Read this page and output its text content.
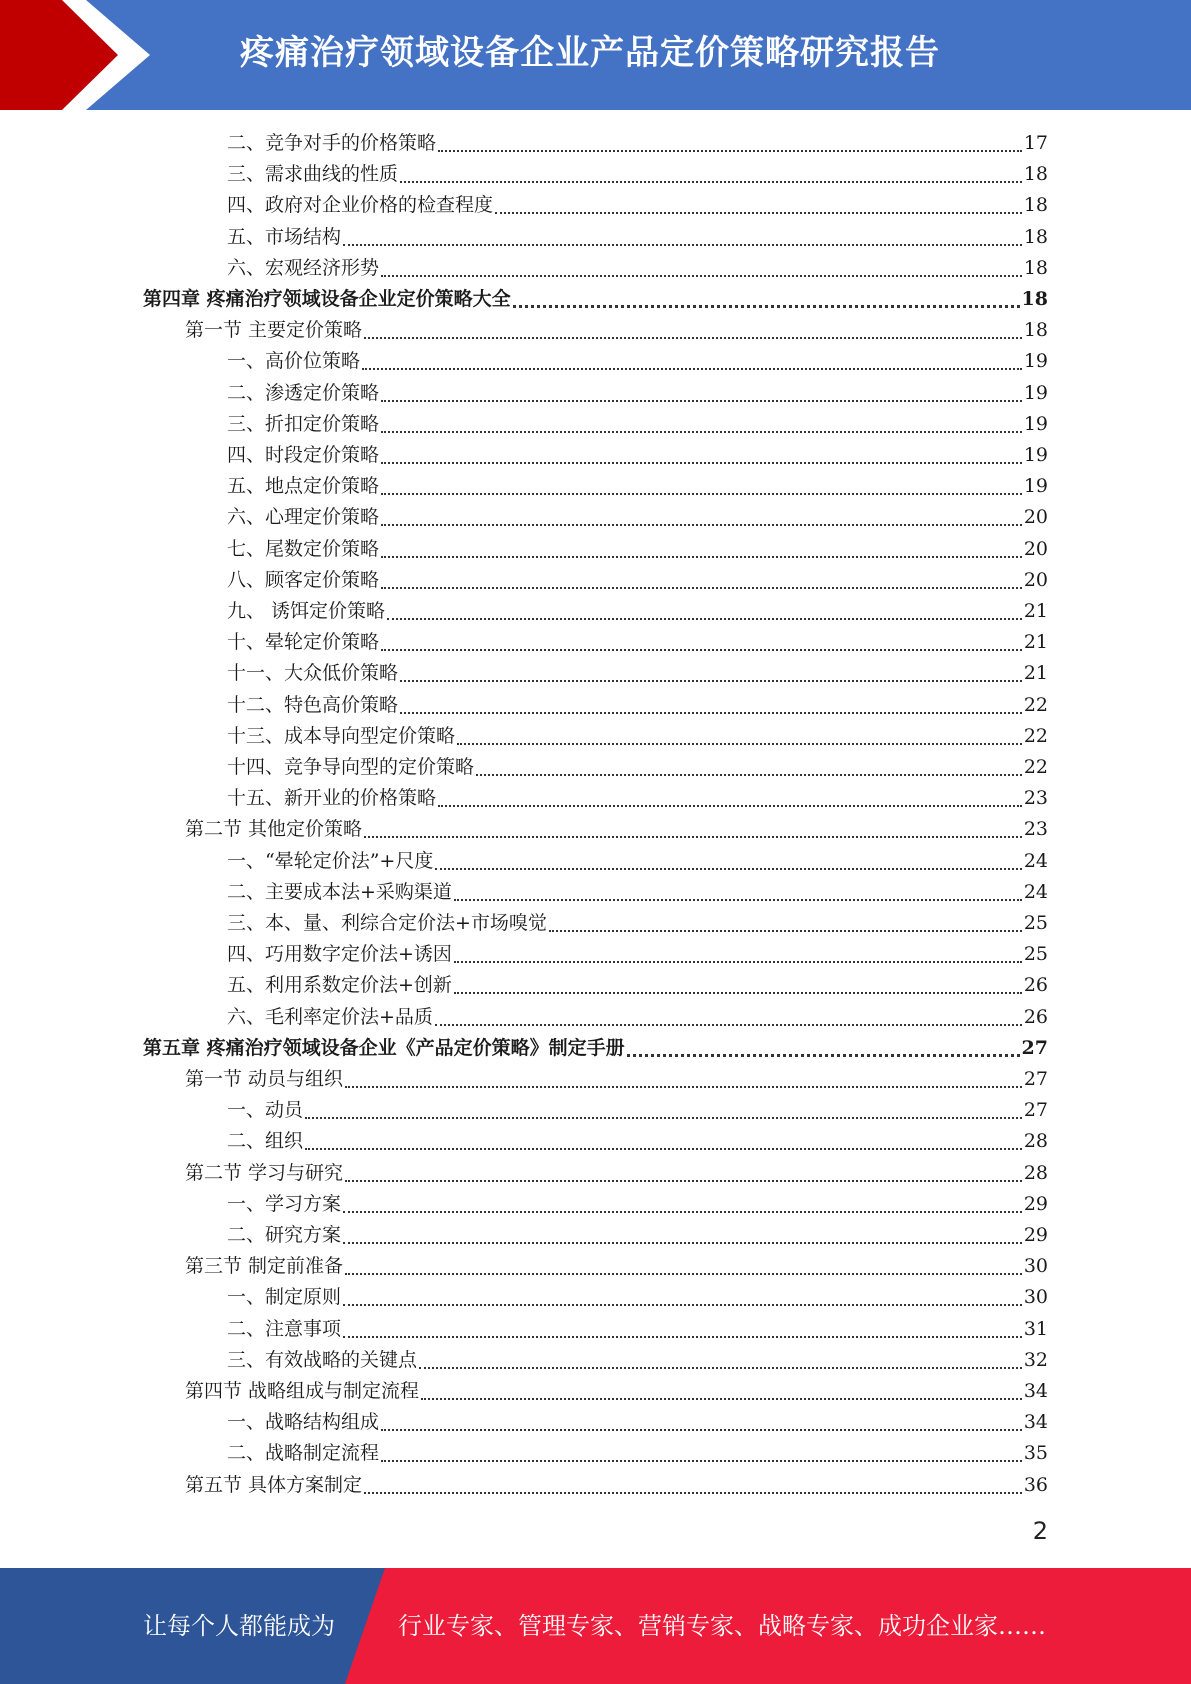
疼痛治疗领域设备企业产品定价策略研究报告
二、竞争对手的价格策略	17
三、需求曲线的性质	18
四、政府对企业价格的检查程度	18
五、市场结构	18
六、宏观经济形势	18
第四章 疼痛治疗领域设备企业定价策略大全	18
第一节 主要定价策略	18
一、高价位策略	19
二、渗透定价策略	19
三、折扣定价策略	19
四、时段定价策略	19
五、地点定价策略	19
六、心理定价策略	20
七、尾数定价策略	20
八、顾客定价策略	20
九、 诱饵定价策略	21
十、晕轮定价策略	21
十一、大众低价策略	21
十二、特色高价策略	22
十三、成本导向型定价策略	22
十四、竞争导向型的定价策略	22
十五、新开业的价格策略	23
第二节 其他定价策略	23
一、“晕轮定价法”+尺度	24
二、主要成本法+采购渠道	24
三、本、量、利综合定价法+市场嗅觉	25
四、巧用数字定价法+诱因	25
五、利用系数定价法+创新	26
六、毛利率定价法+品质	26
第五章 疼痛治疗领域设备企业《产品定价策略》制定手册	27
第一节 动员与组织	27
一、动员	27
二、组织	28
第二节 学习与研究	28
一、学习方案	29
二、研究方案	29
第三节 制定前准备	30
一、制定原则	30
二、注意事项	31
三、有效战略的关键点	32
第四节 战略组成与制定流程	34
一、战略结构组成	34
二、战略制定流程	35
第五节 具体方案制定	36
2
让每个人都能成为	行业专家、管理专家、营销专家、战略专家、成功企业家……
